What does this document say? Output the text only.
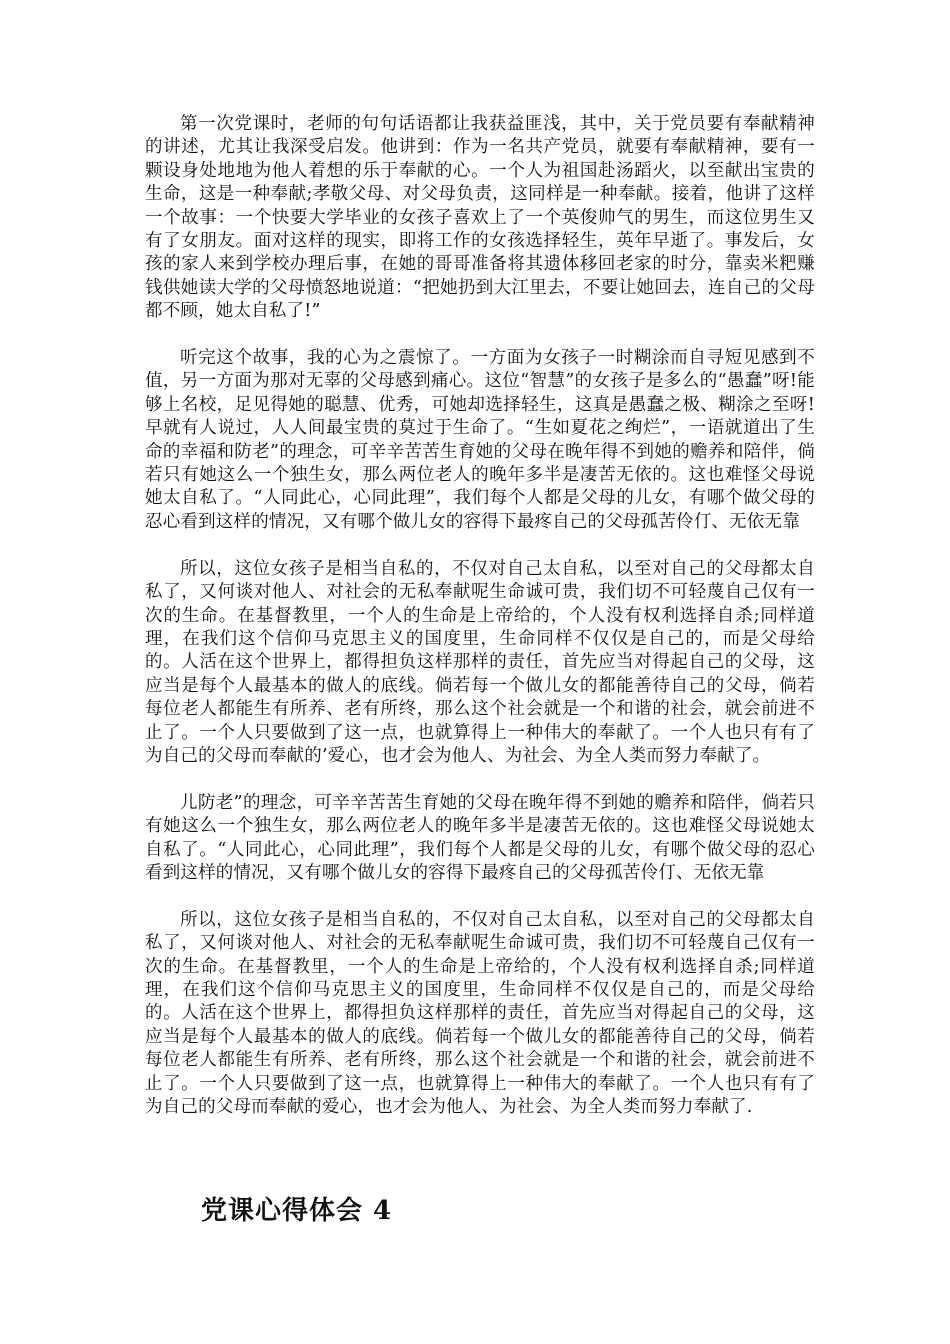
第一次党课时，老师的句句话语都让我获益匪浅，其中，关于党员要有奉献精神的讲述，尤其让我深受启发。他讲到：作为一名共产党员，就要有奉献精神，要有一颗设身处地地为他人着想的乐于奉献的心。一个人为祖国赴汤蹈火，以至献出宝贵的生命，这是一种奉献;孝敬父母、对父母负责，这同样是一种奉献。接着，他讲了这样一个故事：一个快要大学毕业的女孩子喜欢上了一个英俊帅气的男生，而这位男生又有了女朋友。面对这样的现实，即将工作的女孩选择轻生，英年早逝了。事发后，女孩的家人来到学校办理后事，在她的哥哥准备将其遗体移回老家的时分，靠卖米粑赚钱供她读大学的父母愤怒地说道：“把她扔到大江里去，不要让她回去，连自己的父母都不顾，她太自私了!”

听完这个故事，我的心为之震惊了。一方面为女孩子一时糊涂而自寻短见感到不值，另一方面为那对无辜的父母感到痛心。这位“智慧”的女孩子是多么的“愚蠢”呀!能够上名校，足见得她的聪慧、优秀，可她却选择轻生，这真是愚蠢之极、糊涂之至呀!早就有人说过，人人间最宝贵的莫过于生命了。“生如夏花之绚烂”，一语就道出了生命的幸福和防老”的理念，可辛辛苦苦生育她的父母在晚年得不到她的赡养和陪伴，倘若只有她这么一个独生女，那么两位老人的晚年多半是凄苦无依的。这也难怪父母说她太自私了。“人同此心，心同此理”，我们每个人都是父母的儿女，有哪个做父母的忍心看到这样的情况，又有哪个做儿女的容得下最疼自己的父母孤苦伶仃、无依无靠

所以，这位女孩子是相当自私的，不仅对自己太自私，以至对自己的父母都太自私了，又何谈对他人、对社会的无私奉献呢生命诚可贵，我们切不可轻蔑自己仅有一次的生命。在基督教里，一个人的生命是上帝给的，个人没有权利选择自杀;同样道理，在我们这个信仰马克思主义的国度里，生命同样不仅仅是自己的，而是父母给的。人活在这个世界上，都得担负这样那样的责任，首先应当对得起自己的父母，这应当是每个人最基本的做人的底线。倘若每一个做儿女的都能善待自己的父母，倘若每位老人都能生有所养、老有所终，那么这个社会就是一个和谐的社会，就会前进不止了。一个人只要做到了这一点，也就算得上一种伟大的奉献了。一个人也只有有了为自己的父母而奉献的’爱心，也才会为他人、为社会、为全人类而努力奉献了。

儿防老”的理念，可辛辛苦苦生育她的父母在晚年得不到她的赡养和陪伴，倘若只有她这么一个独生女，那么两位老人的晚年多半是凄苦无依的。这也难怪父母说她太自私了。“人同此心，心同此理”，我们每个人都是父母的儿女，有哪个做父母的忍心看到这样的情况，又有哪个做儿女的容得下最疼自己的父母孤苦伶仃、无依无靠

所以，这位女孩子是相当自私的，不仅对自己太自私，以至对自己的父母都太自私了，又何谈对他人、对社会的无私奉献呢生命诚可贵，我们切不可轻蔑自己仅有一次的生命。在基督教里，一个人的生命是上帝给的，个人没有权利选择自杀;同样道理，在我们这个信仰马克思主义的国度里，生命同样不仅仅是自己的，而是父母给的。人活在这个世界上，都得担负这样那样的责任，首先应当对得起自己的父母，这应当是每个人最基本的做人的底线。倘若每一个做儿女的都能善待自己的父母，倘若每位老人都能生有所养、老有所终，那么这个社会就是一个和谐的社会，就会前进不止了。一个人只要做到了这一点，也就算得上一种伟大的奉献了。一个人也只有有了为自己的父母而奉献的爱心，也才会为他人、为社会、为全人类而努力奉献了.

党课心得体会 4
